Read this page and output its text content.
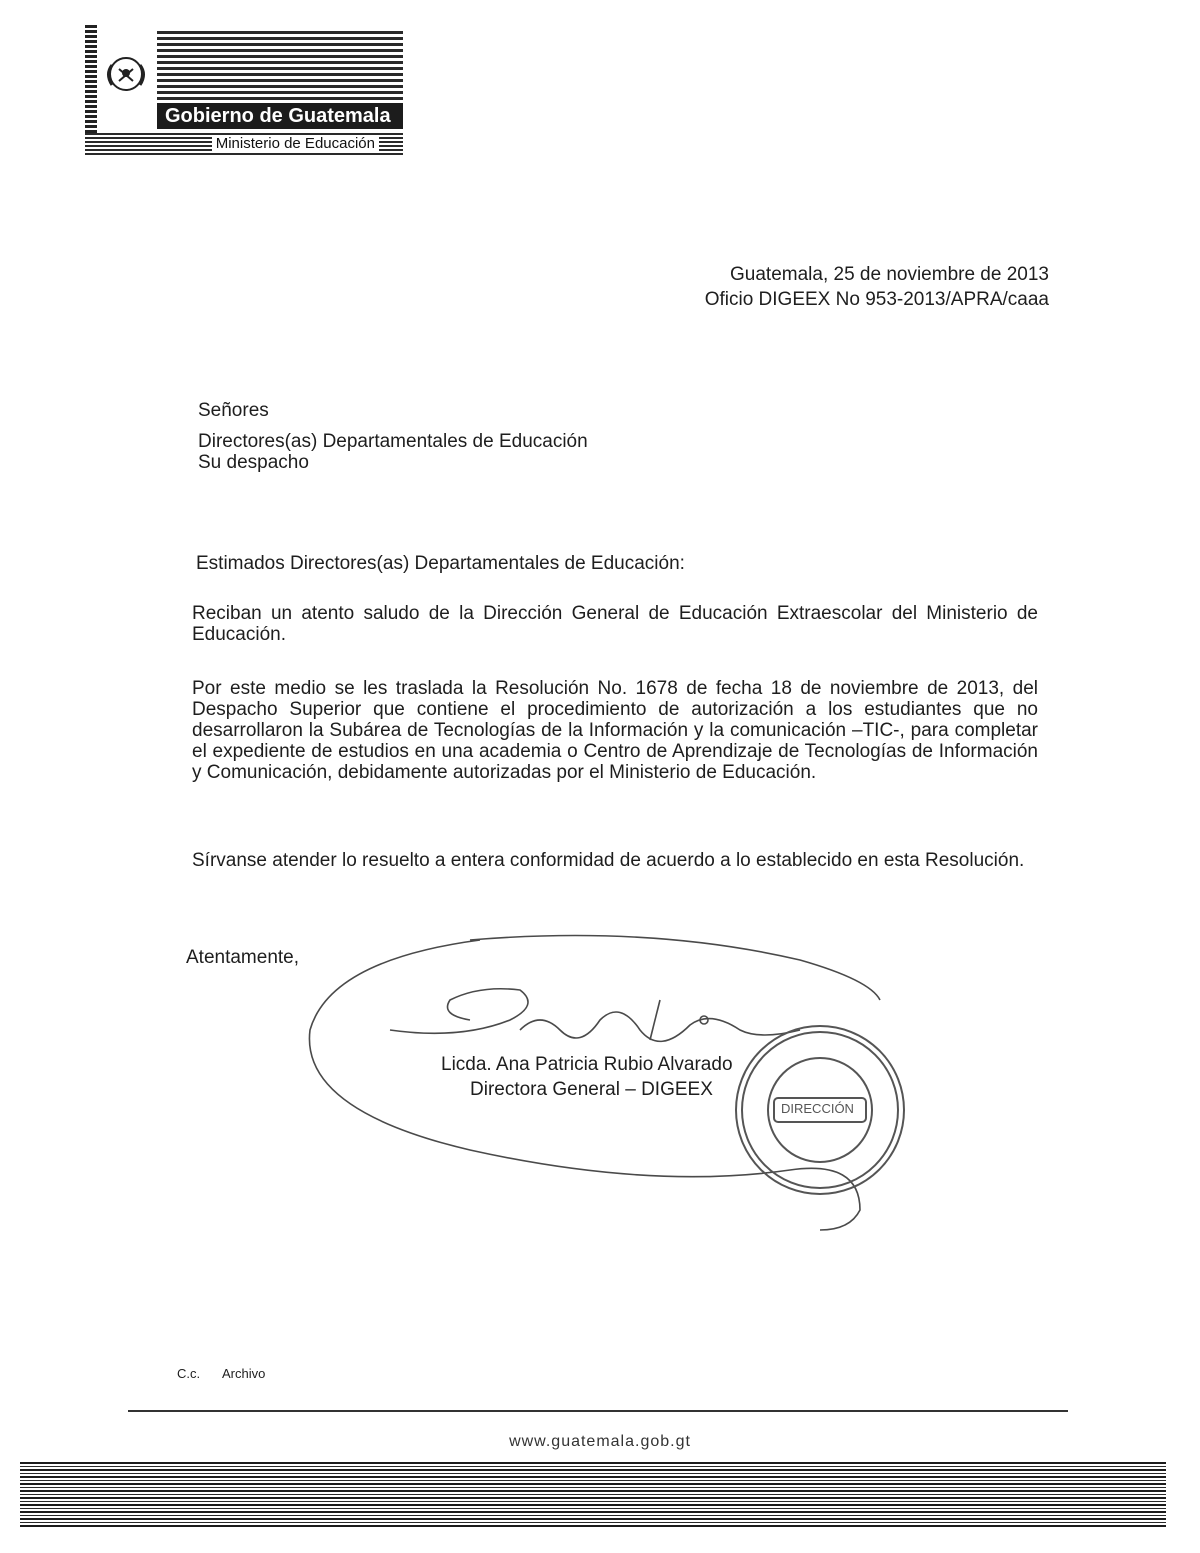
Gobierno de Guatemala
Ministerio de Educación
Guatemala, 25 de noviembre de 2013
Oficio DIGEEX No 953-2013/APRA/caaa
Señores
Directores(as) Departamentales de Educación
Su despacho
Estimados Directores(as) Departamentales de Educación:
Reciban un atento saludo de la Dirección General de Educación Extraescolar del Ministerio de Educación.
Por este medio se les traslada la Resolución No. 1678 de fecha 18 de noviembre de 2013, del Despacho Superior que contiene el procedimiento de autorización a los estudiantes que no desarrollaron la Subárea de Tecnologías de la Información y la comunicación –TIC-, para completar el expediente de estudios en una academia o Centro de Aprendizaje de Tecnologías de Información y Comunicación, debidamente autorizadas por el Ministerio de Educación.
Sírvanse atender lo resuelto a entera conformidad de acuerdo a lo establecido en esta Resolución.
Atentamente,
DIRECCIÓN
Licda. Ana Patricia Rubio Alvarado
Directora General – DIGEEX
C.c. Archivo
www.guatemala.gob.gt
